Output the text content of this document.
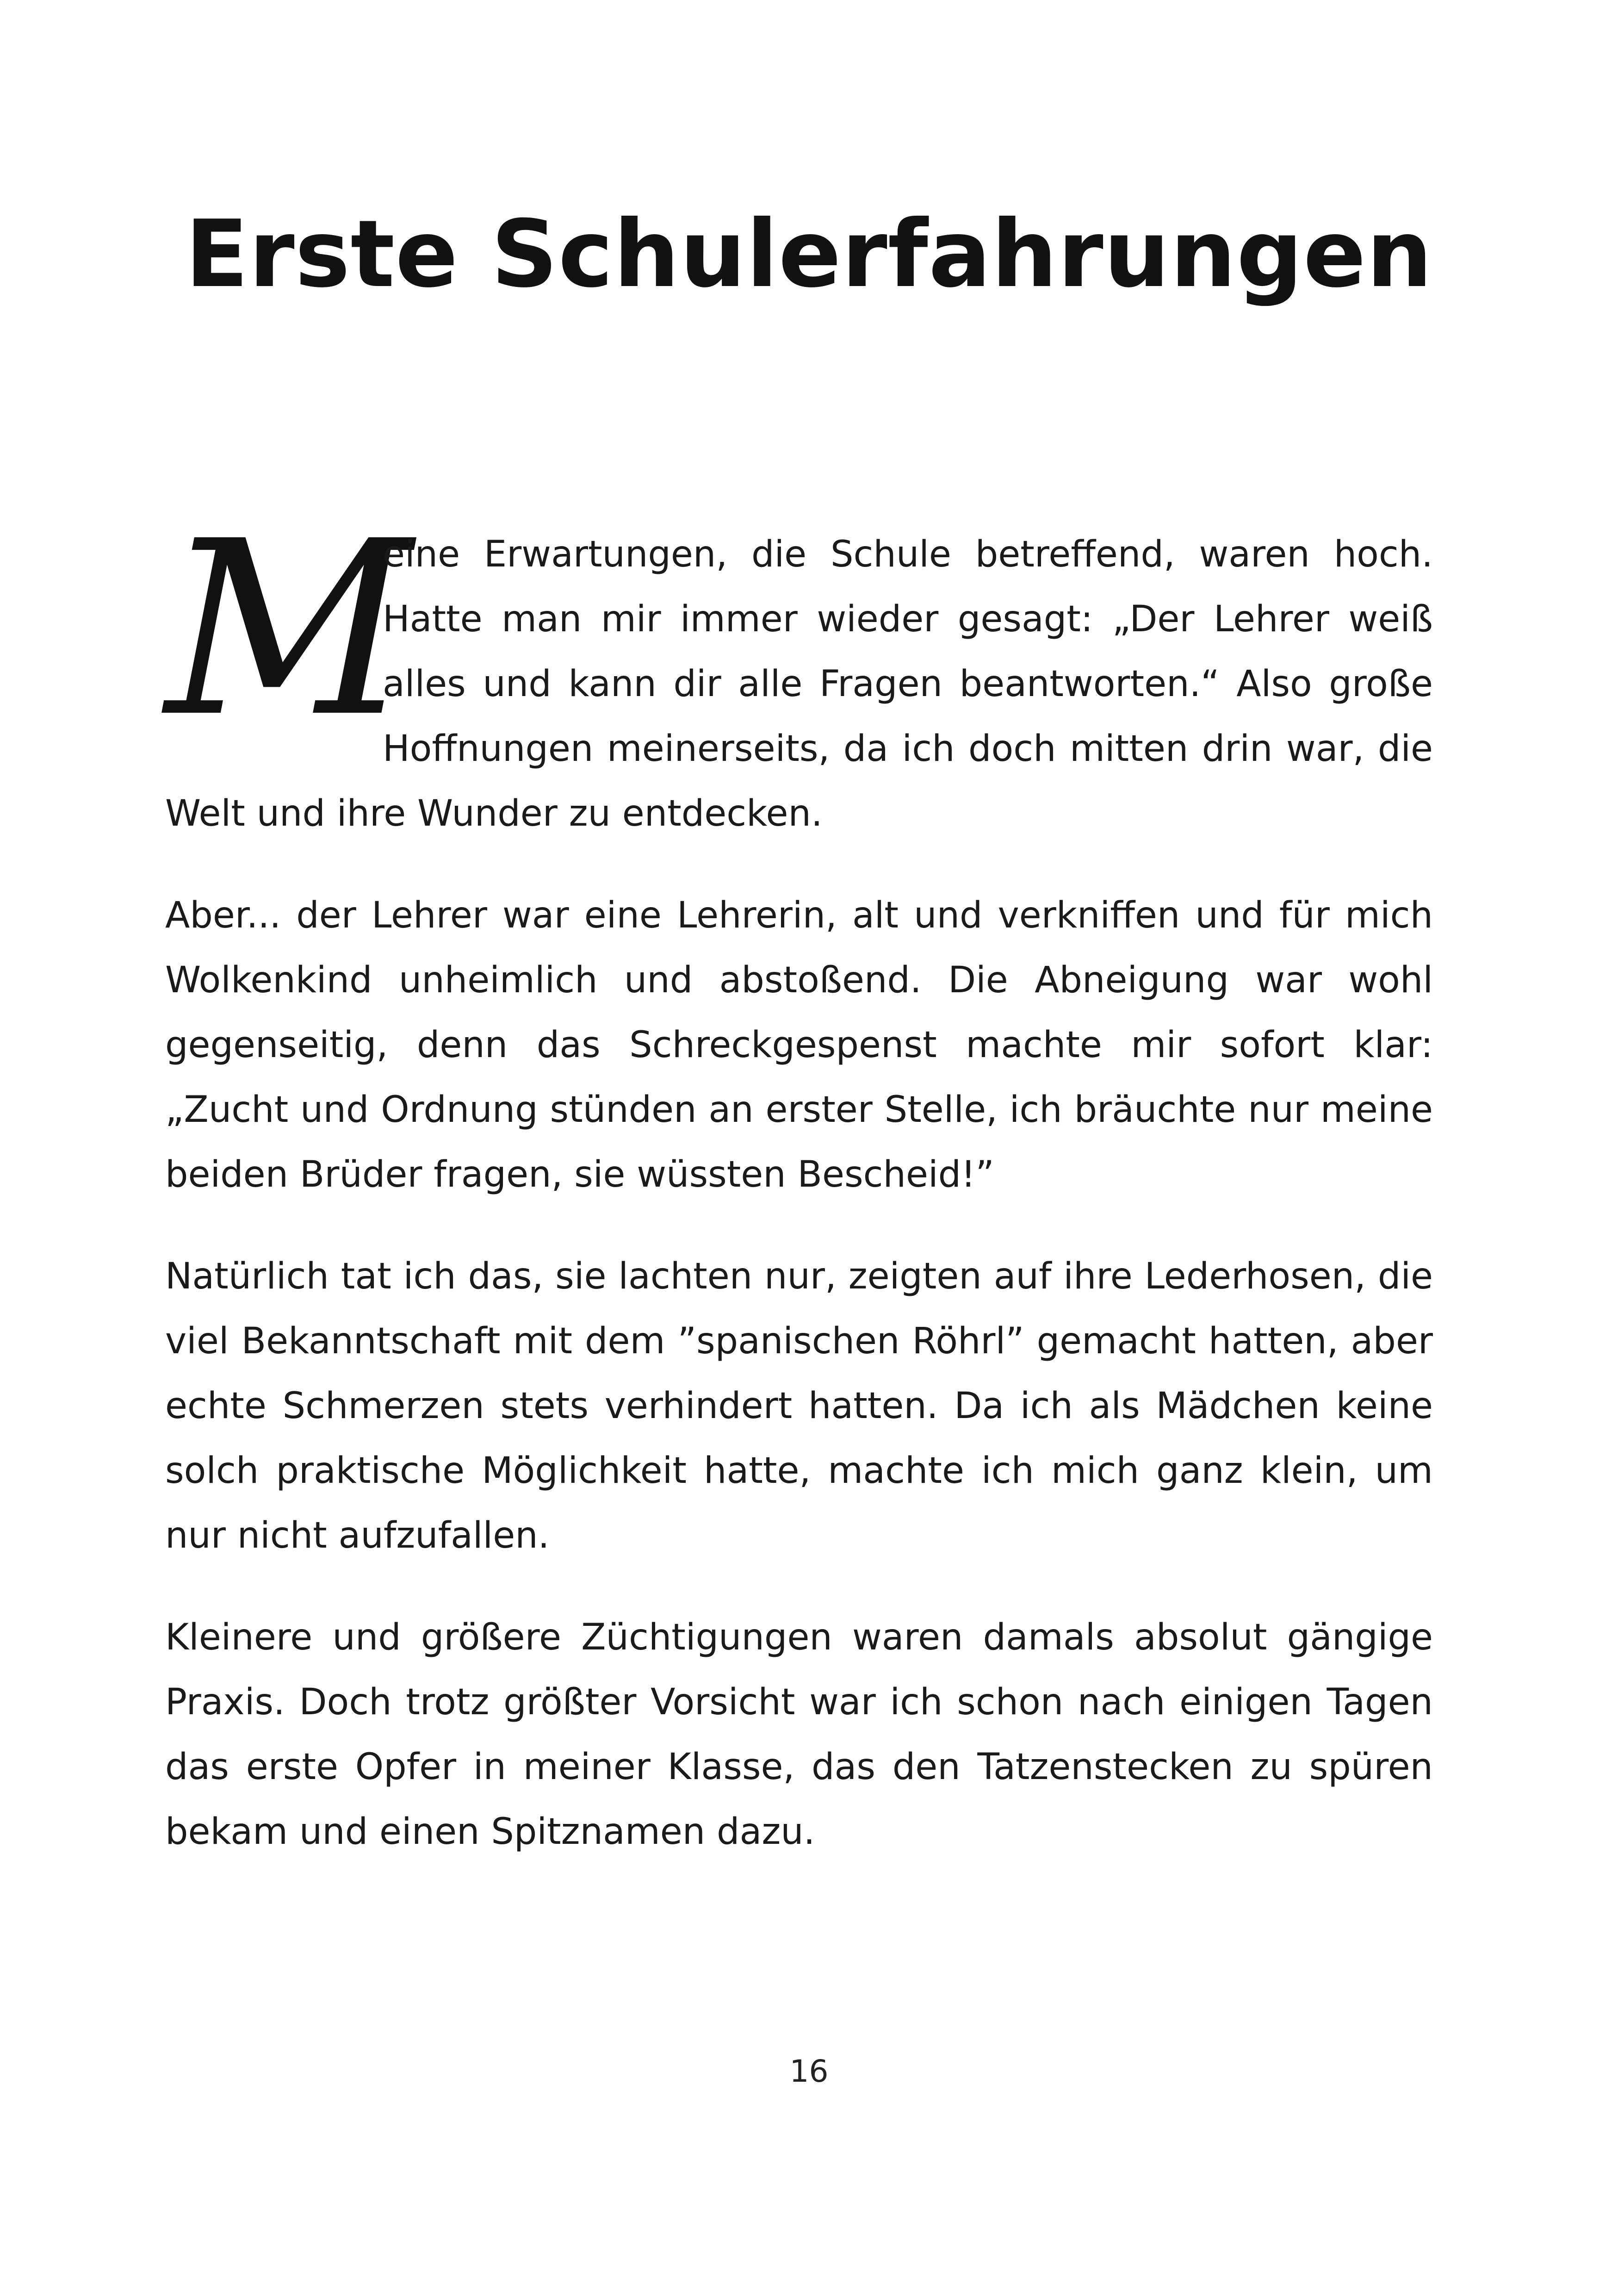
Erste Schulerfahrungen

M
eine Erwartungen, die Schule betreffend, waren hoch. Hatte man mir immer wieder gesagt: „Der Lehrer weiß alles und kann dir alle Fragen beantworten.“ Also große Hoffnungen meinerseits, da ich doch mitten drin war, die Welt und ihre Wunder zu entdecken.

Aber... der Lehrer war eine Lehrerin, alt und verkniffen und für mich Wolkenkind unheimlich und abstoßend. Die Abneigung war wohl gegenseitig, denn das Schreckgespenst machte mir sofort klar: „Zucht und Ordnung stünden an erster Stelle, ich bräuchte nur meine beiden Brüder fragen, sie wüssten Bescheid!”

Natürlich tat ich das, sie lachten nur, zeigten auf ihre Lederhosen, die viel Bekanntschaft mit dem ”spanischen Röhrl” gemacht hatten, aber echte Schmerzen stets verhindert hatten. Da ich als Mädchen keine solch praktische Möglichkeit hatte, machte ich mich ganz klein, um nur nicht aufzufallen.

Kleinere und größere Züchtigungen waren damals absolut gängige Praxis. Doch trotz größter Vorsicht war ich schon nach einigen Tagen das erste Opfer in meiner Klasse, das den Tatzenstecken zu spüren bekam und einen Spitznamen dazu.

16
